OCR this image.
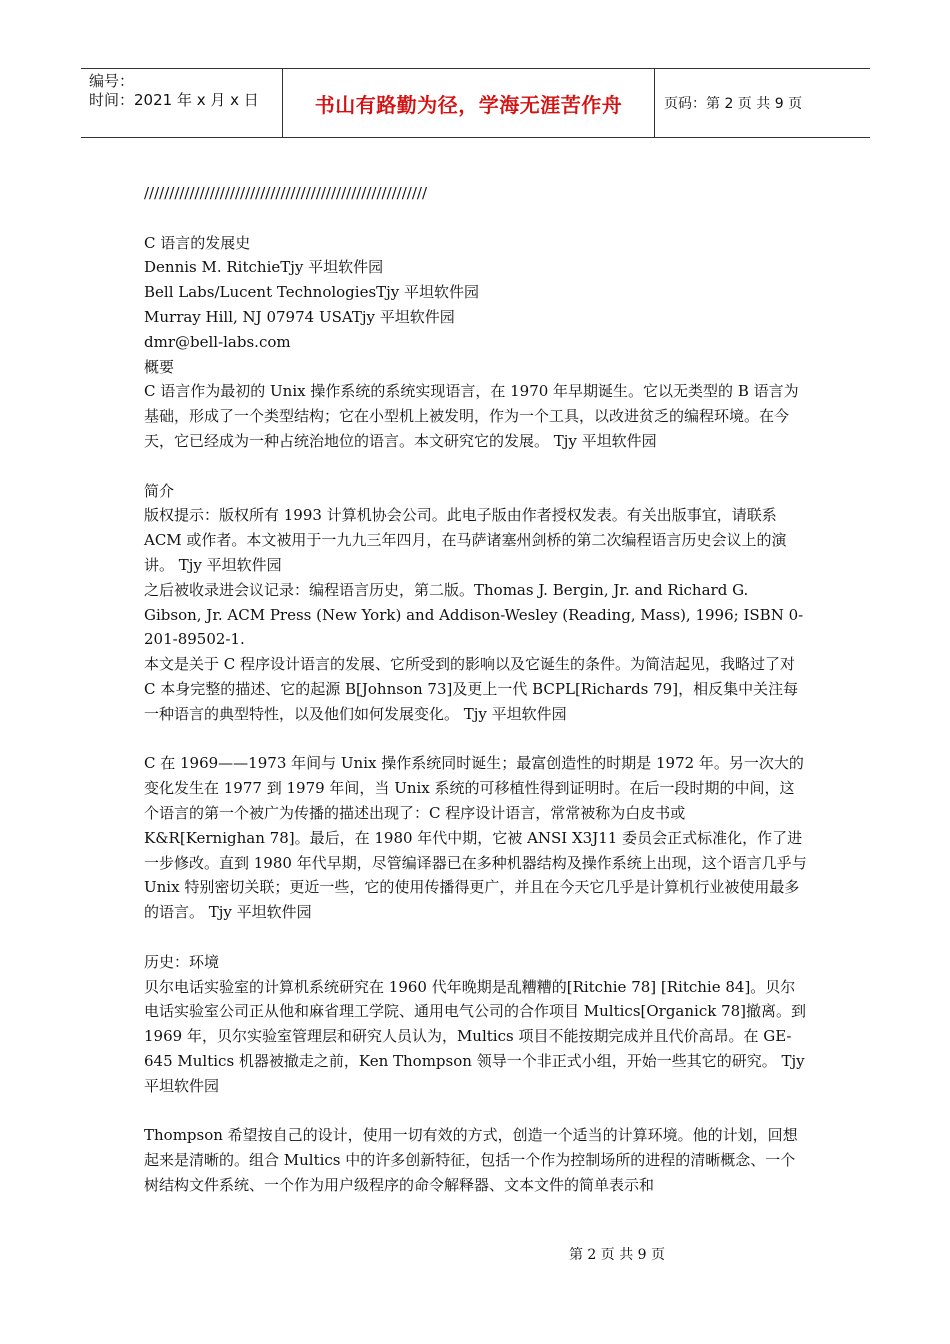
编号：
时间：2021 年 x 月 x 日	书山有路勤为径，学海无涯苦作舟	页码：第 2 页 共 9 页

////////////////////////////////////////////////////////

C 语言的发展史

Dennis M. RitchieTjy 平坦软件园

Bell Labs/Lucent TechnologiesTjy 平坦软件园

Murray Hill, NJ 07974 USATjy 平坦软件园

dmr@bell-labs.com

概要

C 语言作为最初的 Unix 操作系统的系统实现语言，在 1970 年早期诞生。它以无类型的 B 语言为基础，形成了一个类型结构；它在小型机上被发明，作为一个工具，以改进贫乏的编程环境。在今天，它已经成为一种占统治地位的语言。本文研究它的发展。 Tjy 平坦软件园

简介

版权提示：版权所有 1993 计算机协会公司。此电子版由作者授权发表。有关出版事宜，请联系 ACM 或作者。本文被用于一九九三年四月，在马萨诸塞州剑桥的第二次编程语言历史会议上的演讲。 Tjy 平坦软件园

之后被收录进会议记录：编程语言历史，第二版。Thomas J. Bergin, Jr. and Richard G. Gibson, Jr. ACM Press (New York) and Addison-Wesley (Reading, Mass), 1996; ISBN 0-201-89502-1.

本文是关于 C 程序设计语言的发展、它所受到的影响以及它诞生的条件。为简洁起见，我略过了对 C 本身完整的描述、它的起源 B[Johnson 73]及更上一代 BCPL[Richards 79]，相反集中关注每一种语言的典型特性，以及他们如何发展变化。 Tjy 平坦软件园

C 在 1969——1973 年间与 Unix 操作系统同时诞生；最富创造性的时期是 1972 年。另一次大的变化发生在 1977 到 1979 年间，当 Unix 系统的可移植性得到证明时。在后一段时期的中间，这个语言的第一个被广为传播的描述出现了：C 程序设计语言，常常被称为白皮书或 K&R[Kernighan 78]。最后，在 1980 年代中期，它被 ANSI X3J11 委员会正式标准化，作了进一步修改。直到 1980 年代早期，尽管编译器已在多种机器结构及操作系统上出现，这个语言几乎与 Unix 特别密切关联；更近一些，它的使用传播得更广，并且在今天它几乎是计算机行业被使用最多的语言。 Tjy 平坦软件园

历史：环境

贝尔电话实验室的计算机系统研究在 1960 代年晚期是乱糟糟的[Ritchie 78] [Ritchie 84]。贝尔电话实验室公司正从他和麻省理工学院、通用电气公司的合作项目 Multics[Organick 78]撤离。到 1969 年，贝尔实验室管理层和研究人员认为，Multics 项目不能按期完成并且代价高昂。在 GE-645 Multics 机器被撤走之前，Ken Thompson 领导一个非正式小组，开始一些其它的研究。 Tjy 平坦软件园

Thompson 希望按自己的设计，使用一切有效的方式，创造一个适当的计算环境。他的计划，回想起来是清晰的。组合 Multics 中的许多创新特征，包括一个作为控制场所的进程的清晰概念、一个树结构文件系统、一个作为用户级程序的命令解释器、文本文件的简单表示和

第 2 页 共 9 页
